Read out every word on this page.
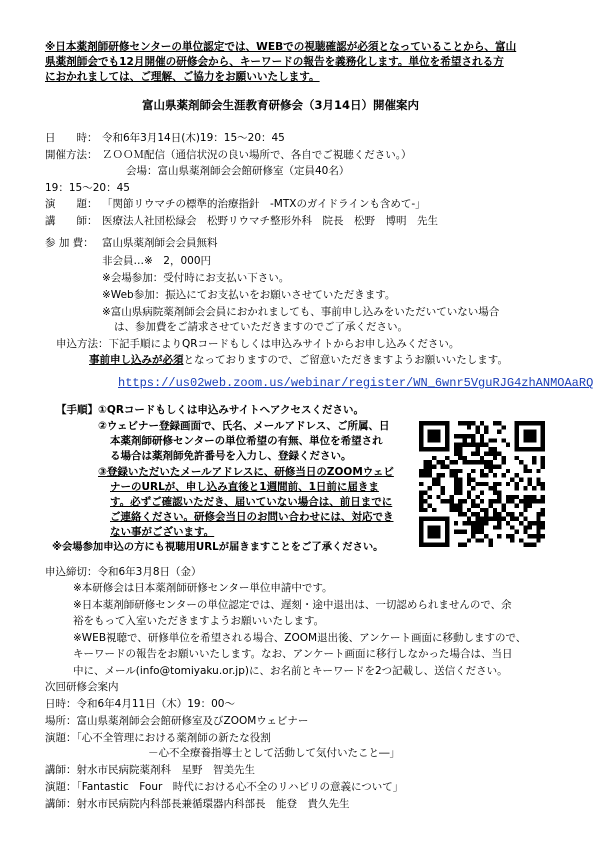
※日本薬剤師研修センターの単位認定では、WEBでの視聴確認が必須となっていることから、富山
県薬剤師会でも12月開催の研修会から、キーワードの報告を義務化します。単位を希望される方
におかれましては、ご理解、ご協力をお願いいたします。
富山県薬剤師会生涯教育研修会（3月14日）開催案内
日　　時： 令和6年3月14日(木)19：15～20：45
開催方法： ＺＯＯＭ配信（通信状況の良い場所で、各自でご視聴ください。）
会場：富山県薬剤師会会館研修室（定員40名）
19：15～20：45
演　　題： 「関節リウマチの標準的治療指針　-MTXのガイドラインも含めて-」
講　　師： 医療法人社団松緑会　松野リウマチ整形外科　院長　松野　博明　先生
参 加 費： 富山県薬剤師会会員無料
非会員…※　2，000円
※会場参加：受付時にお支払い下さい。
※Web参加：振込にてお支払いをお願いさせていただきます。
※富山県病院薬剤師会会員におかれましても、事前申し込みをいただいていない場合
は、参加費をご請求させていただきますのでご了承ください。
申込方法：下記手順によりQRコードもしくは申込みサイトからお申し込みください。
事前申し込みが必須となっておりますので、ご留意いただきますようお願いいたします。
https://us02web.zoom.us/webinar/register/WN_6wnr5VguRJG4zhANMOAaRQ
【手順】 ①QRコードもしくは申込みサイトへアクセスください。
②ウェビナー登録画面で、氏名、メールアドレス、ご所属、日
本薬剤師研修センターの単位希望の有無、単位を希望され
る場合は薬剤師免許番号を入力し、登録ください。
③登録いただいたメールアドレスに、研修当日のZOOMウェビ
ナーのURLが、申し込み直後と1週間前、1日前に届きま
す。必ずご確認いただき、届いていない場合は、前日までに
ご連絡ください。研修会当日のお問い合わせには、対応でき
ない事がございます。
※会場参加申込の方にも視聴用URLが届きますことをご了承ください。
申込締切：令和6年3月8日（金）
※本研修会は日本薬剤師研修センター単位申請中です。
※日本薬剤師研修センターの単位認定では、遅刻・途中退出は、一切認められませんので、余
裕をもって入室いただきますようお願いいたします。
※WEB視聴で、研修単位を希望される場合、ZOOM退出後、アンケート画面に移動しますので、
キーワードの報告をお願いいたします。なお、アンケート画面に移行しなかった場合は、当日
中に、メール(info@tomiyaku.or.jp)に、お名前とキーワードを2つ記載し、送信ください。
次回研修会案内
日時：令和6年4月11日（木）19：00～
場所：富山県薬剤師会会館研修室及びZOOMウェビナー
演題：「心不全管理における薬剤師の新たな役割
－心不全療養指導士として活動して気付いたこと―」
講師：射水市民病院薬剤科　星野　智美先生
演題：「Fantastic　Four　時代における心不全のリハビリの意義について」
講師：射水市民病院内科部長兼循環器内科部長　能登　貴久先生
